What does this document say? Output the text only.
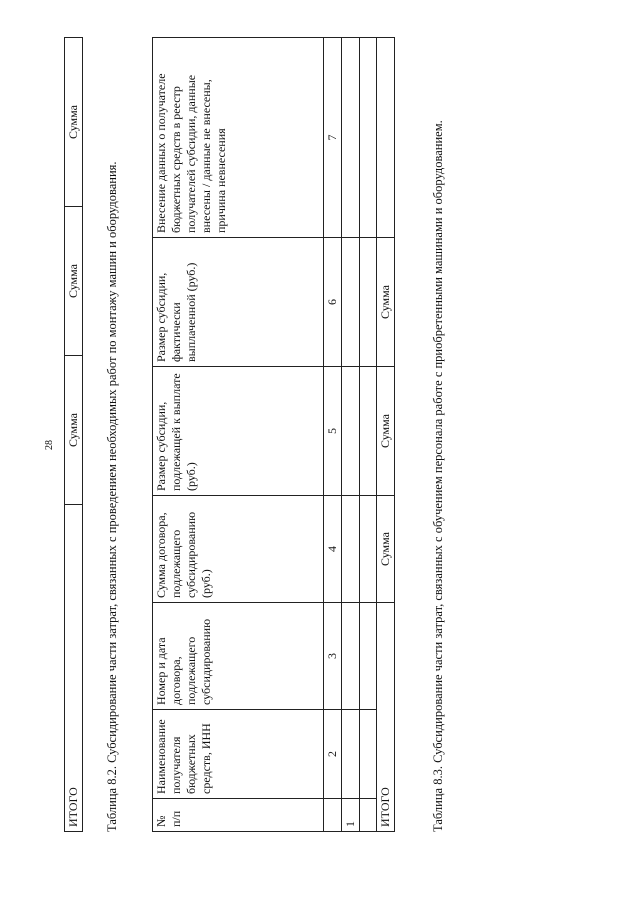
28
ИТОГО	Сумма	Сумма	Сумма
Таблица 8.2. Субсидирование части затрат, связанных с проведением необходимых работ по монтажу машин и оборудования.	№ п/п	Наименование получателя бюджетных средств, ИНН	Номер и дата договора, подлежащего субсидированию	Сумма договора, подлежащего субсидированию (руб.)	Размер субсидии, подлежащей к выплате (руб.)	Размер субсидии, фактически выплаченной (руб.)	Внесение данных о получателе бюджетных средств в реестр получателей субсидии, данные внесены / данные не внесены, причина невнесения
	2	3	4	5	6	7
1						

ИТОГО			Сумма	Сумма	Сумма		Таблица 8.3. Субсидирование части затрат, связанных с обучением персонала работе с приобретенными машинами и оборудованием.
